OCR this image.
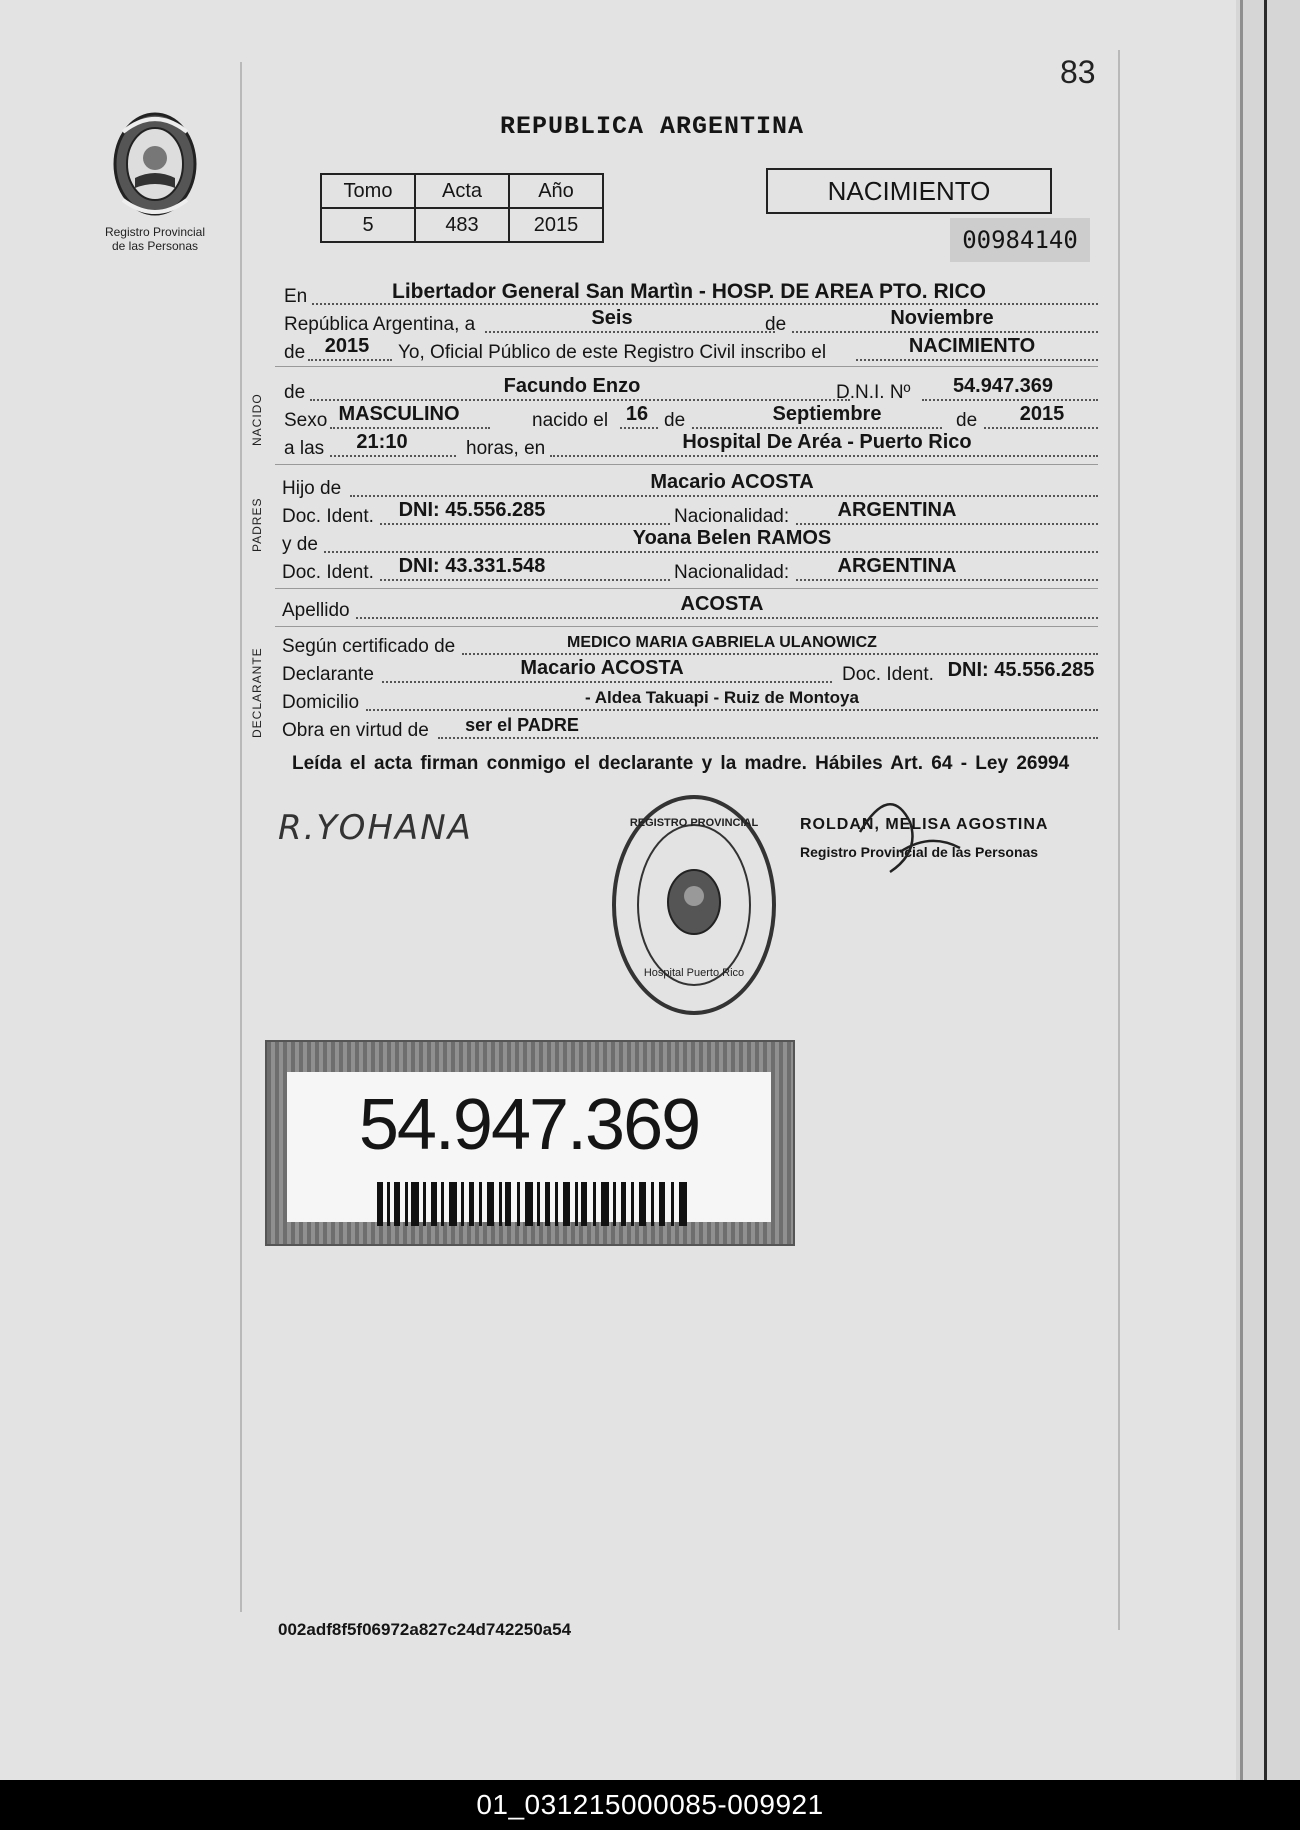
83
REPUBLICA ARGENTINA
Registro Provincial
de las Personas
Tomo	Acta	Año
5	483	2015
NACIMIENTO
00984140
En	Libertador General San Martìn - HOSP. DE AREA PTO. RICO
República Argentina, a	Seis	de	Noviembre
de 2015	Yo, Oficial Público de este Registro Civil inscribo el	NACIMIENTO
NACIDO
de	Facundo Enzo	D.N.I. Nº	54.947.369
Sexo MASCULINO	nacido el 16 de	Septiembre	de	2015
a las	21:10	horas, en	Hospital De Aréa - Puerto Rico
PADRES
Hijo de	Macario ACOSTA
Doc. Ident.	DNI: 45.556.285	Nacionalidad:	ARGENTINA
y de	Yoana Belen RAMOS
Doc. Ident.	DNI: 43.331.548	Nacionalidad:	ARGENTINA
Apellido	ACOSTA
DECLARANTE
Según certificado de	MEDICO MARIA GABRIELA ULANOWICZ
Declarante	Macario ACOSTA	Doc. Ident. DNI: 45.556.285
Domicilio	- Aldea Takuapi - Ruiz de Montoya
Obra en virtud de	ser el PADRE
Leída el acta firman conmigo el declarante y la madre. Hábiles Art. 64 - Ley 26994
R.YOHANA
Hospital Puerto Rico
REGISTRO PROVINCIAL	ROLDAN, MELISA AGOSTINA
Registro Provincial de las Personas
54.947.369
002adf8f5f06972a827c24d742250a54
01_031215000085-009921
